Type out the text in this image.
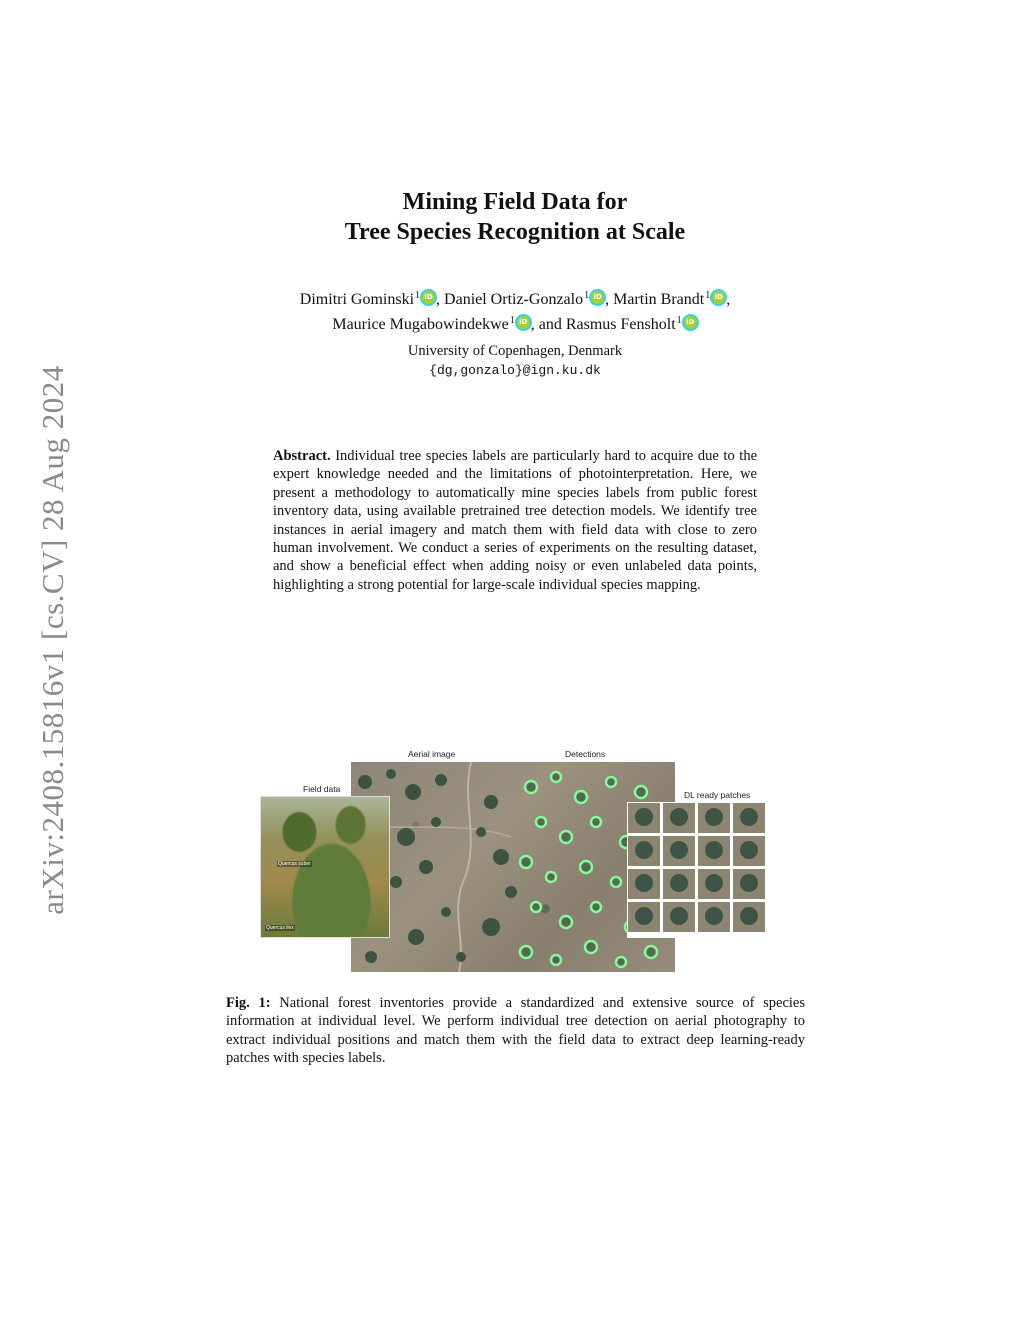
arXiv:2408.15816v1 [cs.CV] 28 Aug 2024
Mining Field Data for
Tree Species Recognition at Scale
Dimitri Gominski$^1$ iD , Daniel Ortiz-Gonzalo$^1$ iD , Martin Brandt$^1$ iD ,
Maurice Mugabowindekwe$^1$ iD , and Rasmus Fensholt$^1$iD
University of Copenhagen, Denmark
{dg,gonzalo}@ign.ku.dk
Abstract. Individual tree species labels are particularly hard to acquire due to the expert knowledge needed and the limitations of photointerpretation. Here, we present a methodology to automatically mine species labels from public forest inventory data, using available pretrained tree detection models. We identify tree instances in aerial imagery and match them with field data with close to zero human involvement. We conduct a series of experiments on the resulting dataset, and show a beneficial effect when adding noisy or even unlabeled data points, highlighting a strong potential for large-scale individual species mapping.
Aerial image	Detections
Field data
DL ready patches
Quercus suber
Quercus ilex
Fig. 1: National forest inventories provide a standardized and extensive source of species information at individual level. We perform individual tree detection on aerial photography to extract individual positions and match them with the field data to extract deep learning-ready patches with species labels.
